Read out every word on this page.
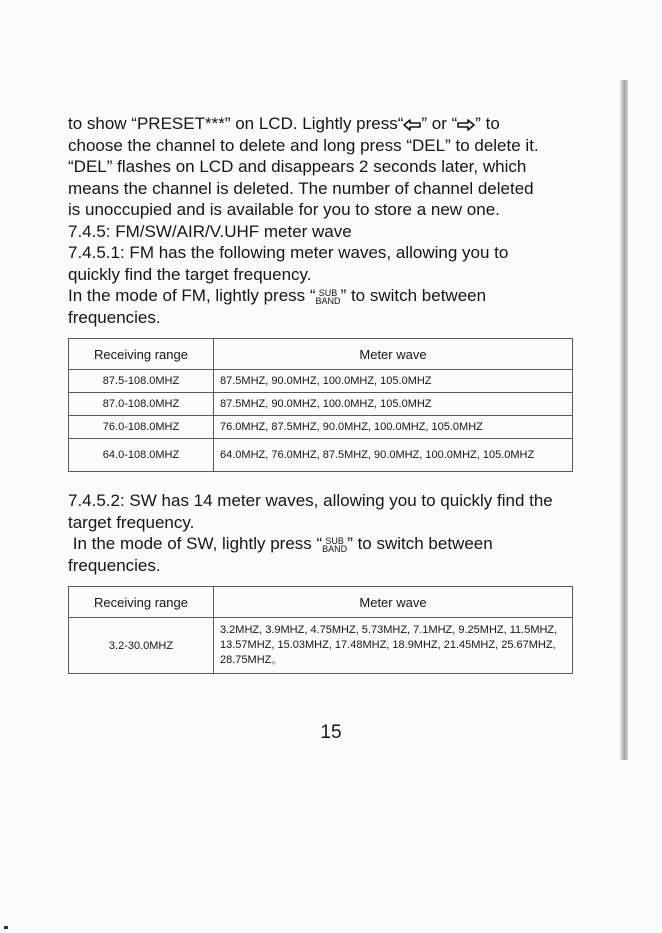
to show “PRESET***” on LCD. Lightly press“ ” or “ ” to

choose the channel to delete and long press “DEL” to delete it.

“DEL” flashes on LCD and disappears 2 seconds later, which

means the channel is deleted. The number of channel deleted

is unoccupied and is available for you to store a new one.

7.4.5: FM/SW/AIR/V.UHF meter wave

7.4.5.1: FM has the following meter waves, allowing you to

quickly find the target frequency.

In the mode of FM, lightly press “ SUB
BAND ” to switch between

frequencies.

Receiving range	Meter wave
87.5-108.0MHZ	87.5MHZ, 90.0MHZ, 100.0MHZ, 105.0MHZ
87.0-108.0MHZ	87.5MHZ, 90.0MHZ, 100.0MHZ, 105.0MHZ
76.0-108.0MHZ	76.0MHZ, 87.5MHZ, 90.0MHZ, 100.0MHZ, 105.0MHZ
64.0-108.0MHZ	64.0MHZ, 76.0MHZ, 87.5MHZ, 90.0MHZ, 100.0MHZ, 105.0MHZ

7.4.5.2: SW has 14 meter waves, allowing you to quickly find the

target frequency.

In the mode of SW, lightly press “ SUB
BAND ” to switch between

frequencies.

Receiving range	Meter wave
3.2-30.0MHZ	3.2MHZ, 3.9MHZ, 4.75MHZ, 5.73MHZ, 7.1MHZ, 9.25MHZ, 11.5MHZ, 13.57MHZ, 15.03MHZ, 17.48MHZ, 18.9MHZ, 21.45MHZ, 25.67MHZ, 28.75MHZ。
15
